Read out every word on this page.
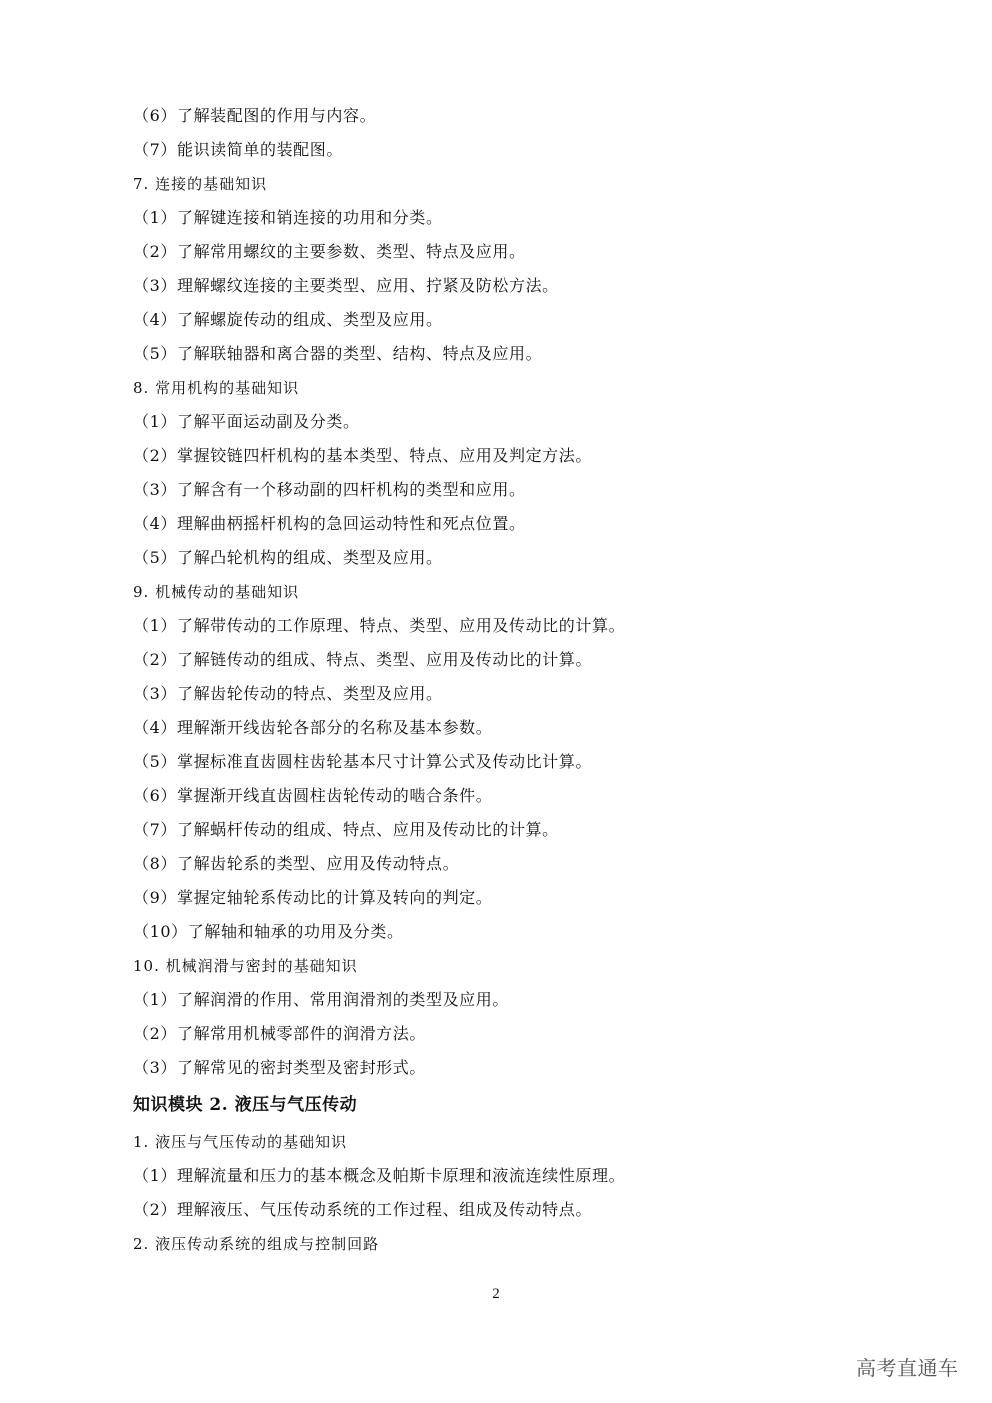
（6）了解装配图的作用与内容。
（7）能识读简单的装配图。
7. 连接的基础知识
（1）了解键连接和销连接的功用和分类。
（2）了解常用螺纹的主要参数、类型、特点及应用。
（3）理解螺纹连接的主要类型、应用、拧紧及防松方法。
（4）了解螺旋传动的组成、类型及应用。
（5）了解联轴器和离合器的类型、结构、特点及应用。
8. 常用机构的基础知识
（1）了解平面运动副及分类。
（2）掌握铰链四杆机构的基本类型、特点、应用及判定方法。
（3）了解含有一个移动副的四杆机构的类型和应用。
（4）理解曲柄摇杆机构的急回运动特性和死点位置。
（5）了解凸轮机构的组成、类型及应用。
9. 机械传动的基础知识
（1）了解带传动的工作原理、特点、类型、应用及传动比的计算。
（2）了解链传动的组成、特点、类型、应用及传动比的计算。
（3）了解齿轮传动的特点、类型及应用。
（4）理解渐开线齿轮各部分的名称及基本参数。
（5）掌握标准直齿圆柱齿轮基本尺寸计算公式及传动比计算。
（6）掌握渐开线直齿圆柱齿轮传动的啮合条件。
（7）了解蜗杆传动的组成、特点、应用及传动比的计算。
（8）了解齿轮系的类型、应用及传动特点。
（9）掌握定轴轮系传动比的计算及转向的判定。
（10）了解轴和轴承的功用及分类。
10. 机械润滑与密封的基础知识
（1）了解润滑的作用、常用润滑剂的类型及应用。
（2）了解常用机械零部件的润滑方法。
（3）了解常见的密封类型及密封形式。
知识模块 2. 液压与气压传动
1. 液压与气压传动的基础知识
（1）理解流量和压力的基本概念及帕斯卡原理和液流连续性原理。
（2）理解液压、气压传动系统的工作过程、组成及传动特点。
2. 液压传动系统的组成与控制回路
2
高考直通车
